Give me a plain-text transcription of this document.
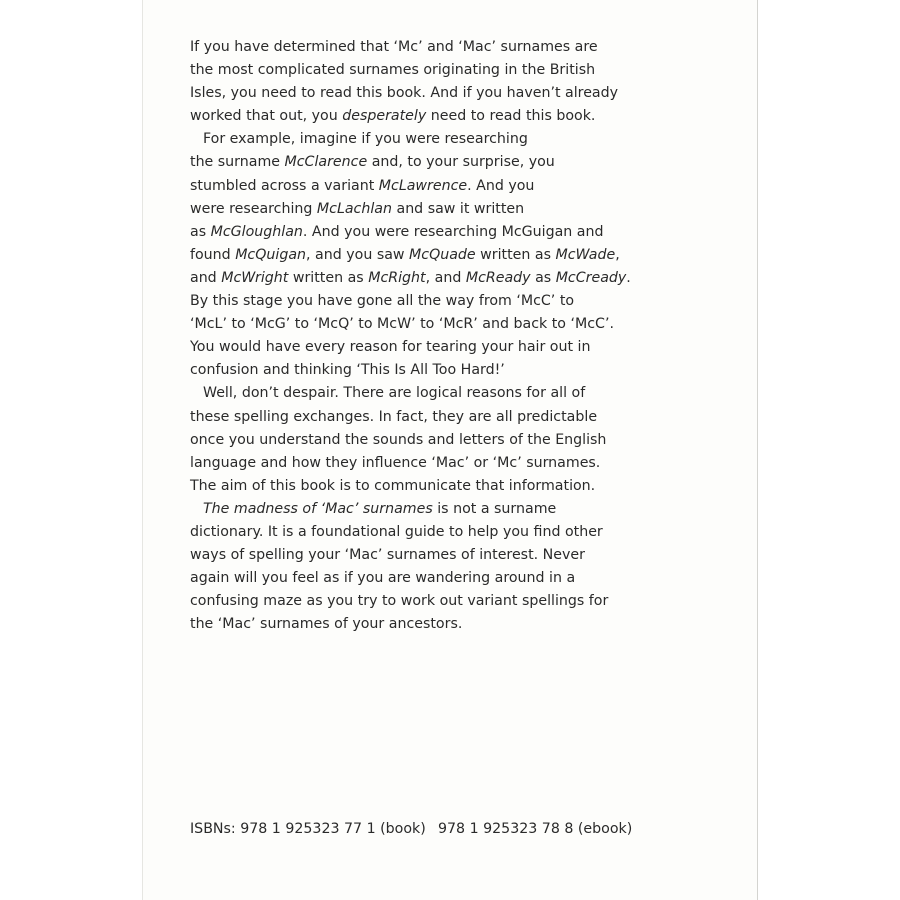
If you have determined that ‘Mc’ and ‘Mac’ surnames are
the most complicated surnames originating in the British
Isles, you need to read this book. And if you haven’t already
worked that out, you desperately need to read this book.
For example, imagine if you were researching
the surname McClarence and, to your surprise, you
stumbled across a variant McLawrence. And you
were researching McLachlan and saw it written
as McGloughlan. And you were researching McGuigan and
found McQuigan, and you saw McQuade written as McWade,
and McWright written as McRight, and McReady as McCready.
By this stage you have gone all the way from ‘McC’ to
‘McL’ to ‘McG’ to ‘McQ’ to McW’ to ‘McR’ and back to ‘McC’.
You would have every reason for tearing your hair out in
confusion and thinking ‘This Is All Too Hard!’
Well, don’t despair. There are logical reasons for all of
these spelling exchanges. In fact, they are all predictable
once you understand the sounds and letters of the English
language and how they influence ‘Mac’ or ‘Mc’ surnames.
The aim of this book is to communicate that information.
The madness of ‘Mac’ surnames is not a surname
dictionary. It is a foundational guide to help you find other
ways of spelling your ‘Mac’ surnames of interest. Never
again will you feel as if you are wandering around in a
confusing maze as you try to work out variant spellings for
the ‘Mac’ surnames of your ancestors.
ISBNs: 978 1 925323 77 1 (book) 978 1 925323 78 8 (ebook)
